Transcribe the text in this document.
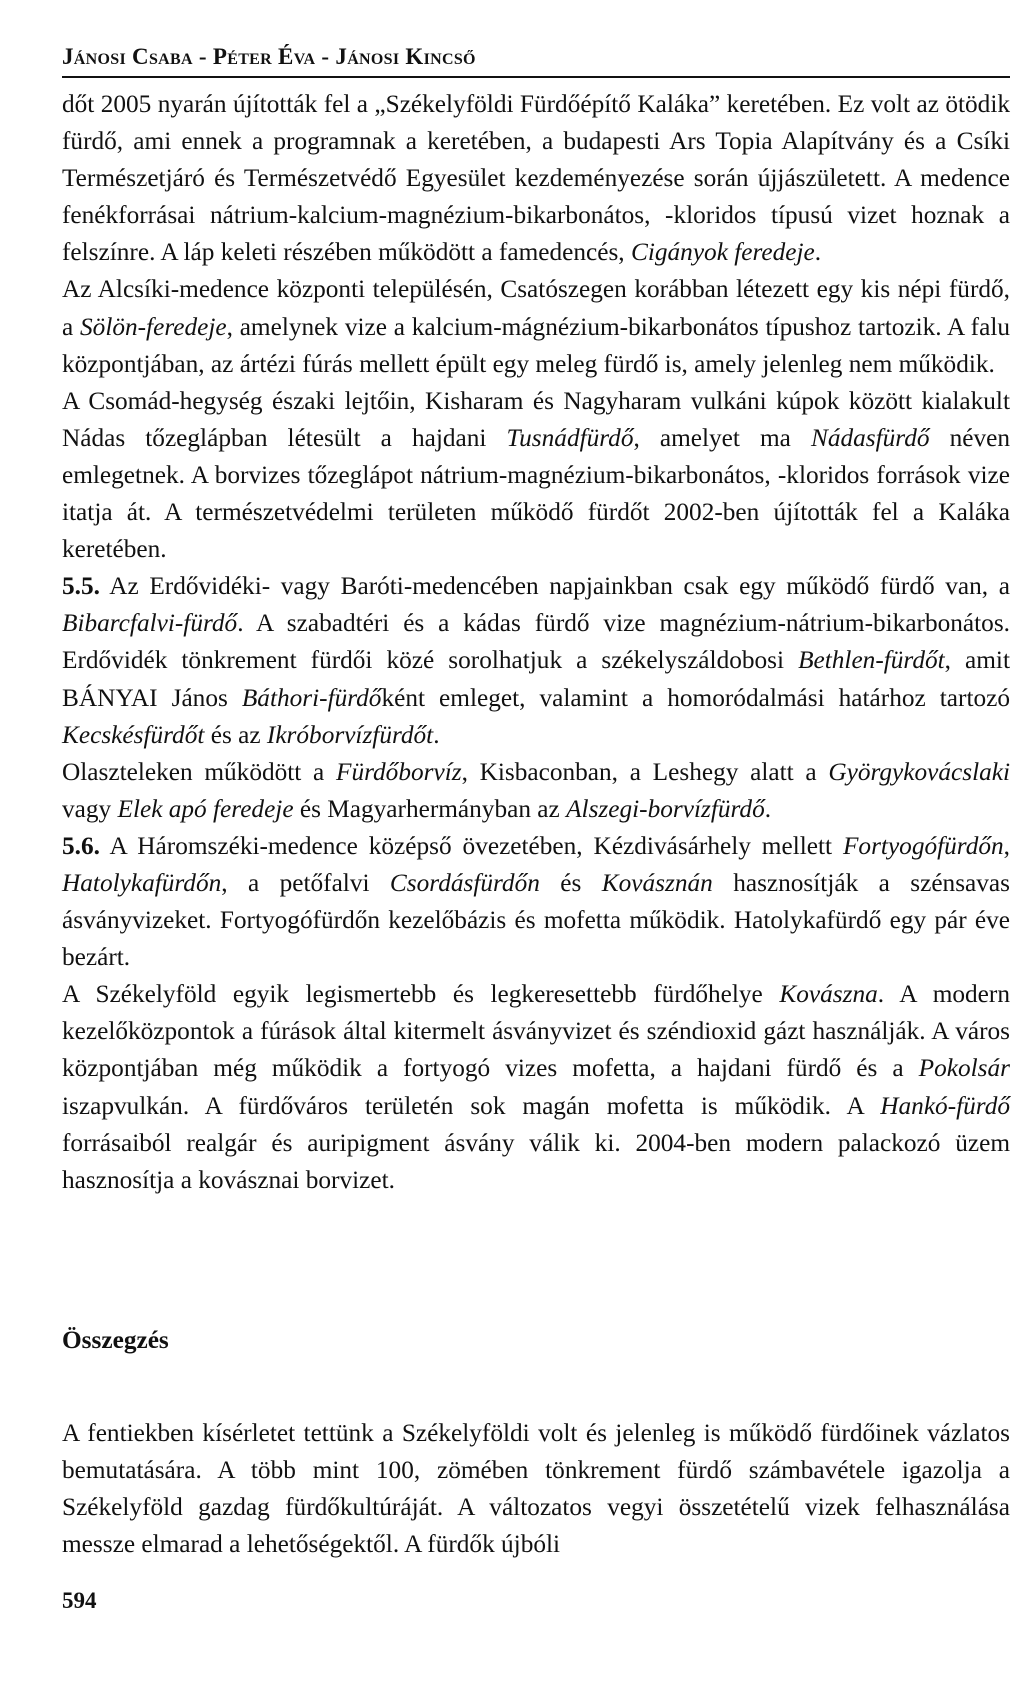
Jánosi Csaba - Péter Éva - Jánosi Kincső

dőt 2005 nyarán újították fel a „Székelyföldi Fürdőépítő Kaláka” keretében. Ez volt az ötödik fürdő, ami ennek a programnak a keretében, a budapesti Ars Topia Alapítvány és a Csíki Természetjáró és Természetvédő Egyesület kezdeményezése során újjászületett. A medence fenékforrásai nátrium-kalcium-magnézium-bikarbonátos, -kloridos típusú vizet hoznak a felszínre. A láp keleti részében működött a famedencés, Cigányok feredeje.

Az Alcsíki-medence központi településén, Csatószegen korábban létezett egy kis népi fürdő, a Sölön-feredeje, amelynek vize a kalcium-mágnézium-bikarbonátos típushoz tartozik. A falu központjában, az ártézi fúrás mellett épült egy meleg fürdő is, amely jelenleg nem működik.

A Csomád-hegység északi lejtőin, Kisharam és Nagyharam vulkáni kúpok között kialakult Nádas tőzeglápban létesült a hajdani Tusnádfürdő, amelyet ma Nádasfürdő néven emlegetnek. A borvizes tőzeglápot nátrium-magnézium-bikarbonátos, -kloridos források vize itatja át. A természetvédelmi területen működő fürdőt 2002-ben újították fel a Kaláka keretében.

5.5. Az Erdővidéki- vagy Baróti-medencében napjainkban csak egy működő fürdő van, a Bibarcfalvi-fürdő. A szabadtéri és a kádas fürdő vize magnézium-nátrium-bikarbonátos. Erdővidék tönkrement fürdői közé sorolhatjuk a székelyszáldobosi Bethlen-fürdőt, amit BÁNYAI János Báthori-fürdőként emleget, valamint a homoródalmási határhoz tartozó Kecskésfürdőt és az Ikróborvízfürdőt.

Olaszteleken működött a Fürdőborvíz, Kisbaconban, a Leshegy alatt a Györgykovácslaki vagy Elek apó feredeje és Magyarhermányban az Alszegi-borvízfürdő.

5.6. A Háromszéki-medence középső övezetében, Kézdivásárhely mellett Fortyogófürdőn, Hatolykafürdőn, a petőfalvi Csordásfürdőn és Kovásznán hasznosítják a szénsavas ásványvizeket. Fortyogófürdőn kezelőbázis és mofetta működik. Hatolykafürdő egy pár éve bezárt.

A Székelyföld egyik legismertebb és legkeresettebb fürdőhelye Kovászna. A modern kezelőközpontok a fúrások által kitermelt ásványvizet és széndioxid gázt használják. A város központjában még működik a fortyogó vizes mofetta, a hajdani fürdő és a Pokolsár iszapvulkán. A fürdőváros területén sok magán mofetta is működik. A Hankó-fürdő forrásaiból realgár és auripigment ásvány válik ki. 2004-ben modern palackozó üzem hasznosítja a kovásznai borvizet.

Összegzés

A fentiekben kísérletet tettünk a Székelyföldi volt és jelenleg is működő fürdőinek vázlatos bemutatására. A több mint 100, zömében tönkrement fürdő számbavétele igazolja a Székelyföld gazdag fürdőkultúráját. A változatos vegyi összetételű vizek felhasználása messze elmarad a lehetőségektől. A fürdők újbóli

594
